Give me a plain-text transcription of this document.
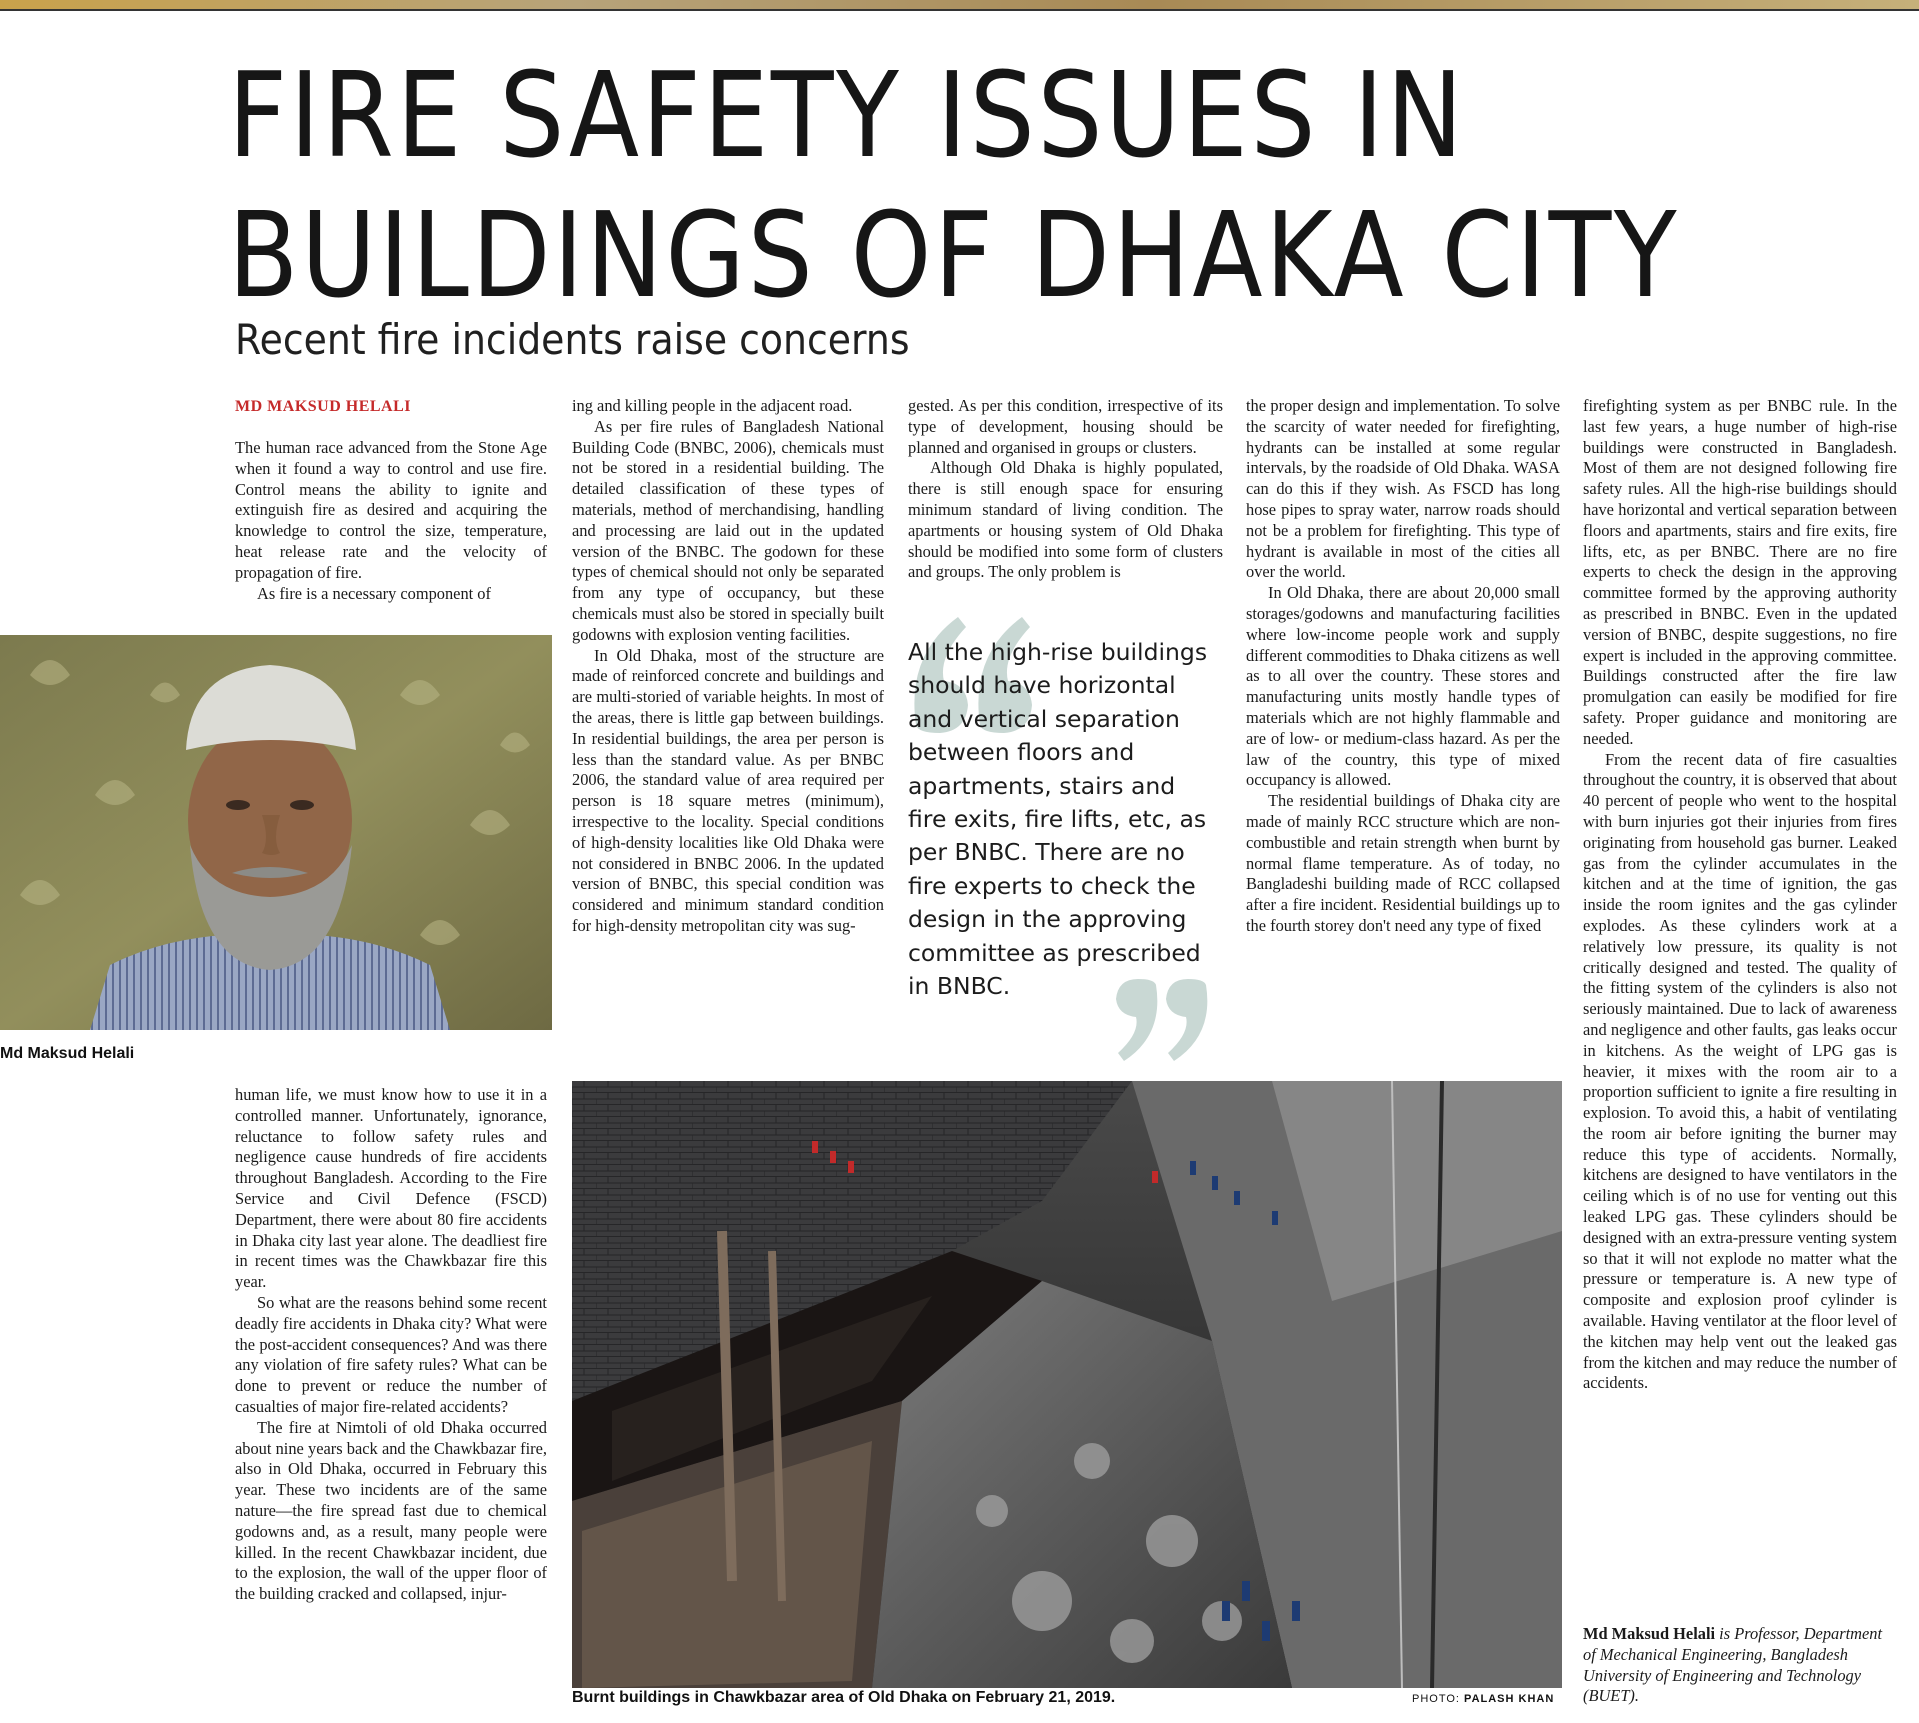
FIRE SAFETY ISSUES IN
BUILDINGS OF DHAKA CITY
Recent fire incidents raise concerns
MD MAKSUD HELALI

The human race advanced from the Stone Age when it found a way to control and use fire. Control means the ability to ignite and extinguish fire as desired and acquiring the knowledge to control the size, temperature, heat release rate and the velocity of propagation of fire.

As fire is a necessary component of

Md Maksud Helali

human life, we must know how to use it in a controlled manner. Unfortunately, ignorance, reluctance to follow safety rules and negligence cause hundreds of fire accidents throughout Bangladesh. According to the Fire Service and Civil Defence (FSCD) Department, there were about 80 fire accidents in Dhaka city last year alone. The deadliest fire in recent times was the Chawkbazar fire this year.

So what are the reasons behind some recent deadly fire accidents in Dhaka city? What were the post-accident consequences? And was there any violation of fire safety rules? What can be done to prevent or reduce the number of casualties of major fire-related accidents?

The fire at Nimtoli of old Dhaka occurred about nine years back and the Chawkbazar fire, also in Old Dhaka, occurred in February this year. These two incidents are of the same nature—the fire spread fast due to chemical godowns and, as a result, many people were killed. In the recent Chawkbazar incident, due to the explosion, the wall of the upper floor of the building cracked and collapsed, injur-

ing and killing people in the adjacent road.

As per fire rules of Bangladesh National Building Code (BNBC, 2006), chemicals must not be stored in a residential building. The detailed classification of these types of materials, method of merchandising, handling and processing are laid out in the updated version of the BNBC. The godown for these types of chemical should not only be separated from any type of occupancy, but these chemicals must also be stored in specially built godowns with explosion venting facilities.

In Old Dhaka, most of the structure are made of reinforced concrete and buildings and are multi-storied of variable heights. In most of the areas, there is little gap between buildings. In residential buildings, the area per person is less than the standard value. As per BNBC 2006, the standard value of area required per person is 18 square metres (minimum), irrespective to the locality. Special conditions of high-density localities like Old Dhaka were not considered in BNBC 2006. In the updated version of BNBC, this special condition was considered and minimum standard condition for high-density metropolitan city was sug-

gested. As per this condition, irrespective of its type of development, housing should be planned and organised in groups or clusters.

Although Old Dhaka is highly populated, there is still enough space for ensuring minimum standard of living condition. The apartments or housing system of Old Dhaka should be modified into some form of clusters and groups. The only problem is

All the high-rise buildings should have horizontal and vertical separation between floors and apartments, stairs and fire exits, fire lifts, etc, as per BNBC. There are no fire experts to check the design in the approving committee as prescribed in BNBC.

the proper design and implementation. To solve the scarcity of water needed for firefighting, hydrants can be installed at some regular intervals, by the roadside of Old Dhaka. WASA can do this if they wish. As FSCD has long hose pipes to spray water, narrow roads should not be a problem for firefighting. This type of hydrant is available in most of the cities all over the world.

In Old Dhaka, there are about 20,000 small storages/godowns and manufacturing facilities where low-income people work and supply different commodities to Dhaka citizens as well as to all over the country. These stores and manufacturing units mostly handle types of materials which are not highly flammable and are of low- or medium-class hazard. As per the law of the country, this type of mixed occupancy is allowed.

The residential buildings of Dhaka city are made of mainly RCC structure which are non-combustible and retain strength when burnt by normal flame temperature. As of today, no Bangladeshi building made of RCC collapsed after a fire incident. Residential buildings up to the fourth storey don't need any type of fixed

firefighting system as per BNBC rule. In the last few years, a huge number of high-rise buildings were constructed in Bangladesh. Most of them are not designed following fire safety rules. All the high-rise buildings should have horizontal and vertical separation between floors and apartments, stairs and fire exits, fire lifts, etc, as per BNBC. There are no fire experts to check the design in the approving committee formed by the approving authority as prescribed in BNBC. Even in the updated version of BNBC, despite suggestions, no fire expert is included in the approving committee. Buildings constructed after the fire law promulgation can easily be modified for fire safety. Proper guidance and monitoring are needed.

From the recent data of fire casualties throughout the country, it is observed that about 40 percent of people who went to the hospital with burn injuries got their injuries from fires originating from household gas burner. Leaked gas from the cylinder accumulates in the kitchen and at the time of ignition, the gas inside the room ignites and the gas cylinder explodes. As these cylinders work at a relatively low pressure, its quality is not critically designed and tested. The quality of the fitting system of the cylinders is also not seriously maintained. Due to lack of awareness and negligence and other faults, gas leaks occur in kitchens. As the weight of LPG gas is heavier, it mixes with the room air to a proportion sufficient to ignite a fire resulting in explosion. To avoid this, a habit of ventilating the room air before igniting the burner may reduce this type of accidents. Normally, kitchens are designed to have ventilators in the ceiling which is of no use for venting out this leaked LPG gas. These cylinders should be designed with an extra-pressure venting system so that it will not explode no matter what the pressure or temperature is. A new type of composite and explosion proof cylinder is available. Having ventilator at the floor level of the kitchen may help vent out the leaked gas from the kitchen and may reduce the number of accidents.

Burnt buildings in Chawkbazar area of Old Dhaka on February 21, 2019.	PHOTO: PALASH KHAN
Md Maksud Helali is Professor, Department of Mechanical Engineering, Bangladesh University of Engineering and Technology (BUET).
